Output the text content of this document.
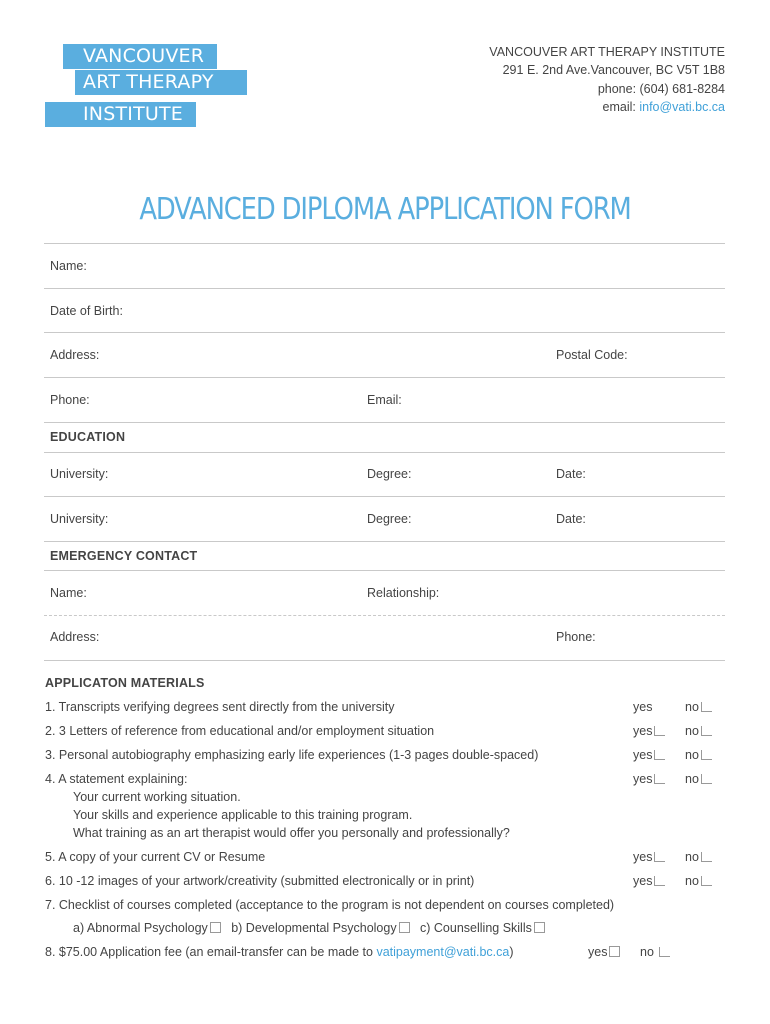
VANCOUVER
ART THERAPY
INSTITUTE
VANCOUVER ART THERAPY INSTITUTE
291 E. 2nd Ave.Vancouver, BC V5T 1B8
phone: (604) 681-8284
email: info@vati.bc.ca
ADVANCED DIPLOMA APPLICATION FORM
Name:
Date of Birth:
Address:	Postal Code:
Phone:	Email:
EDUCATION
University:	Degree:	Date:
University:	Degree:	Date:
EMERGENCY CONTACT
Name:	Relationship:
Address:	Phone:
APPLICATON MATERIALS
1. Transcripts verifying degrees sent directly from the university	yes	no
2. 3 Letters of reference from educational and/or employment situation	yes	no
3. Personal autobiography emphasizing early life experiences (1-3 pages double-spaced)	yes	no
4. A statement explaining:	yes	no
Your current working situation.
Your skills and experience applicable to this training program.
What training as an art therapist would offer you personally and professionally?
5. A copy of your current CV or Resume	yes	no
6. 10 -12 images of your artwork/creativity (submitted electronically or in print)	yes	no
7. Checklist of courses completed (acceptance to the program is not dependent on courses completed)
a) Abnormal Psychology b) Developmental Psychology c) Counselling Skills
8. $75.00 Application fee (an email-transfer can be made to vatipayment@vati.bc.ca)	yes	no
